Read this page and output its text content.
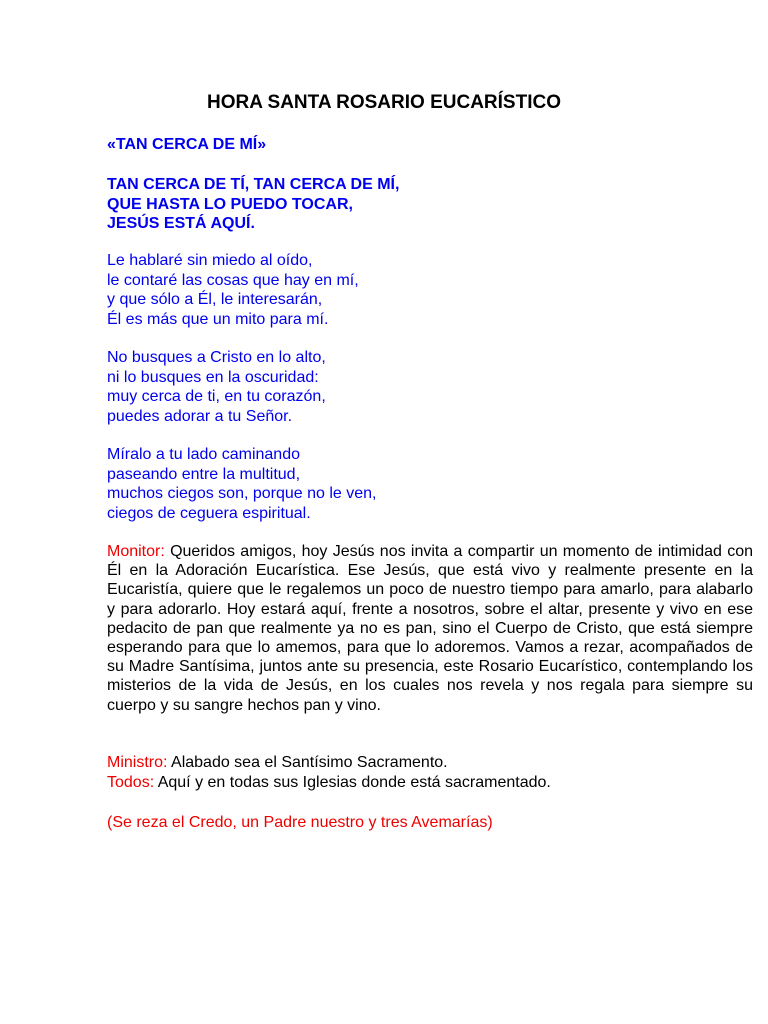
HORA SANTA ROSARIO EUCARÍSTICO
«TAN CERCA DE MÍ»
TAN CERCA DE TÍ, TAN CERCA DE MÍ,
QUE HASTA LO PUEDO TOCAR,
JESÚS ESTÁ AQUÍ.
Le hablaré sin miedo al oído,
le contaré las cosas que hay en mí,
y que sólo a Él, le interesarán,
Él es más que un mito para mí.
No busques a Cristo en lo alto,
ni lo busques en la oscuridad:
muy cerca de ti, en tu corazón,
puedes adorar a tu Señor.
Míralo a tu lado caminando
paseando entre la multitud,
muchos ciegos son, porque no le ven,
ciegos de ceguera espiritual.
Monitor: Queridos amigos, hoy Jesús nos invita a compartir un momento de intimidad con Él en la Adoración Eucarística. Ese Jesús, que está vivo y realmente presente en la Eucaristía, quiere que le regalemos un poco de nuestro tiempo para amarlo, para alabarlo y para adorarlo. Hoy estará aquí, frente a nosotros, sobre el altar, presente y vivo en ese pedacito de pan que realmente ya no es pan, sino el Cuerpo de Cristo, que está siempre esperando para que lo amemos, para que lo adoremos. Vamos a rezar, acompañados de su Madre Santísima, juntos ante su presencia, este Rosario Eucarístico, contemplando los misterios de la vida de Jesús, en los cuales nos revela y nos regala para siempre su cuerpo y su sangre hechos pan y vino.
Ministro: Alabado sea el Santísimo Sacramento.
Todos: Aquí y en todas sus Iglesias donde está sacramentado.
(Se reza el Credo, un Padre nuestro y tres Avemarías)
